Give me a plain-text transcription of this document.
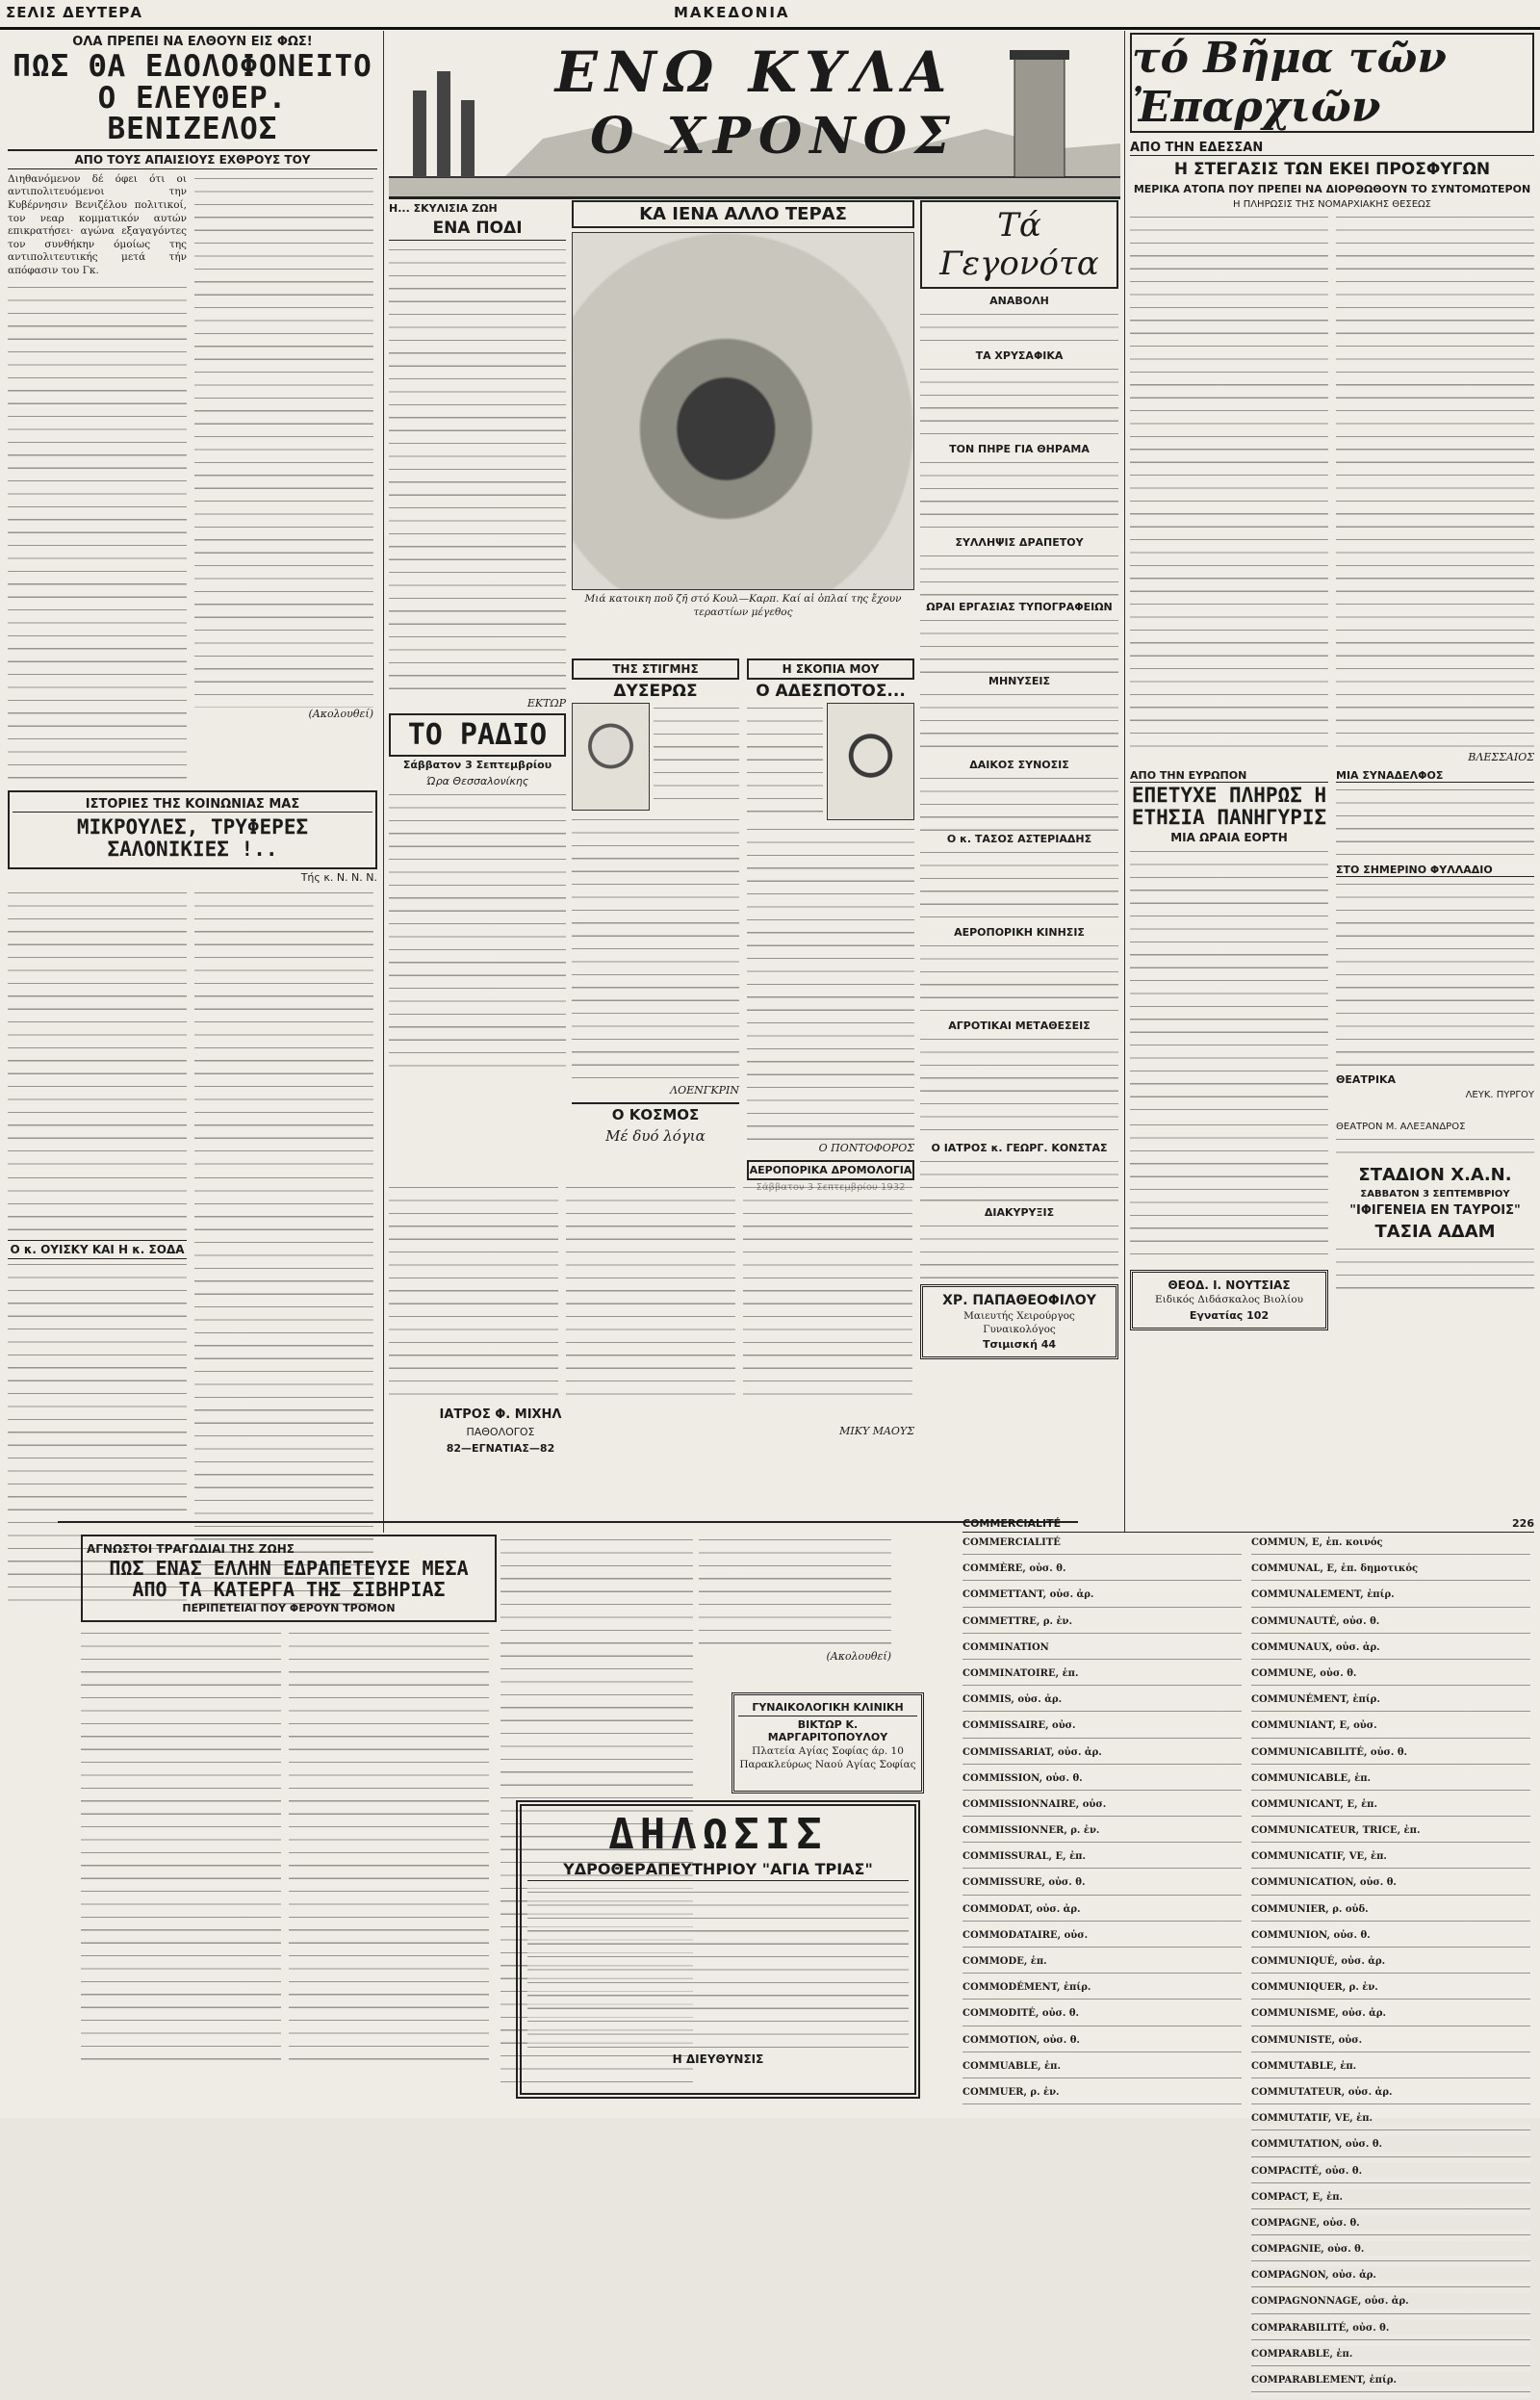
ΣΕΛΙΣ ΔΕΥΤΕΡΑ	ΜΑΚΕΔΟΝΙΑ
ΟΛΑ ΠΡΕΠΕΙ ΝΑ ΕΛΘΟΥΝ ΕΙΣ ΦΩΣ!
ΠΩΣ ΘΑ ΕΔΟΛΟΦΟΝΕΙΤΟ
Ο ΕΛΕΥΘΕΡ. ΒΕΝΙΖΕΛΟΣ
ΑΠΟ ΤΟΥΣ ΑΠΑΙΣΙΟΥΣ ΕΧΘΡΟΥΣ ΤΟΥ
Διηθανόμενον δέ όφει ότι οι αντιπολιτευόμενοι την Κυβέρνησιν Βενιζέλου πολιτικοί, τον νεαρ κομματικόν αυτών επικρατήσει· αγώνα εξαγαγόντες τον συνθήκην όμοίως της αντιπολιτευτικής μετά τήν απόφασιν του Γκ.
(Ακολουθεί)
ΙΣΤΟΡΙΕΣ ΤΗΣ ΚΟΙΝΩΝΙΑΣ ΜΑΣ
ΜΙΚΡΟΥΛΕΣ, ΤΡΥΦΕΡΕΣ ΣΑΛΟΝΙΚΙΕΣ !..
Τής κ. Ν. Ν. Ν.
Ο κ. ΟΥΙΣΚΥ ΚΑΙ Η κ. ΣΟΔΑ
ΕΝΩ ΚΥΛΑ
Ο ΧΡΟΝΟΣ
Η... ΣΚΥΛΙΣΙΑ ΖΩΗ
ΕΝΑ ΠΟΔΙ
ΕΚΤΩΡ
ΤΟ ΡΑΔΙΟ
Σάββατον 3 Σεπτεμβρίου
Ώρα Θεσσαλονίκης
ΚΑ ΙΕΝΑ ΑΛΛΟ ΤΕΡΑΣ
Μιά κατοικη ποῦ ζῆ στό Κουλ—Καρπ. Καί αἱ ὁπλαί της ἔχουν τεραστίων μέγεθος
ΤΗΣ ΣΤΙΓΜΗΣ
ΔΥΣΕΡΩΣ
ΛΟΕΝΓΚΡΙΝ
Ο ΚΟΣΜΟΣ
Μέ δυό λόγια
Η ΣΚΟΠΙΑ ΜΟΥ
Ο ΑΔΕΣΠΟΤΟΣ...
Ο ΠΟΝΤΟΦΟΡΟΣ
ΑΕΡΟΠΟΡΙΚΑ ΔΡΟΜΟΛΟΓΙΑ
ΙΑΤΡΟΣ Φ. ΜΙΧΗΛ
ΠΑΘΟΛΟΓΟΣ
82—ΕΓΝΑΤΙΑΣ—82
ΜΙΚΥ ΜΑΟΥΣ
Τά Γεγονότα
ΑΝΑΒΟΛΗ
ΤΑ ΧΡΥΣΑΦΙΚΑ
ΤΟΝ ΠΗΡΕ ΓΙΑ ΘΗΡΑΜΑ
ΣΥΛΛΗΨΙΣ ΔΡΑΠΕΤΟΥ
ΩΡΑΙ ΕΡΓΑΣΙΑΣ ΤΥΠΟΓΡΑΦΕΙΩΝ
ΜΗΝΥΣΕΙΣ
ΔΑΙΚΟΣ ΣΥΝΟΣΙΣ
Ο κ. ΤΑΣΟΣ ΑΣΤΕΡΙΑΔΗΣ
ΑΕΡΟΠΟΡΙΚΗ ΚΙΝΗΣΙΣ
ΑΓΡΟΤΙΚΑΙ ΜΕΤΑΘΕΣΕΙΣ
Ο ΙΑΤΡΟΣ κ. ΓΕΩΡΓ. ΚΟΝΣΤΑΣ
ΔΙΑΚΥΡΥΞΙΣ
ΧΡ. ΠΑΠΑΘΕΟΦΙΛΟΥ
Μαιευτής Χειρούργος Γυναικολόγος
Τσιμισκή 44
τό Βῆμα τῶν Ἐπαρχιῶν
ΑΠΟ ΤΗΝ ΕΔΕΣΣΑΝ
Η ΣΤΕΓΑΣΙΣ ΤΩΝ ΕΚΕΙ ΠΡΟΣΦΥΓΩΝ
ΜΕΡΙΚΑ ΑΤΟΠΑ ΠΟΥ ΠΡΕΠΕΙ ΝΑ ΔΙΟΡΘΩΘΟΥΝ ΤΟ ΣΥΝΤΟΜΩΤΕΡΟΝ
Η ΠΛΗΡΩΣΙΣ ΤΗΣ ΝΟΜΑΡΧΙΑΚΗΣ ΘΕΣΕΩΣ
ΒΛΕΣΣΑΙΟΣ
ΑΠΟ ΤΗΝ ΕΥΡΩΠΟΝ
ΕΠΕΤΥΧΕ ΠΛΗΡΩΣ Η ΕΤΗΣΙΑ ΠΑΝΗΓΥΡΙΣ
ΜΙΑ ΩΡΑΙΑ ΕΟΡΤΗ
ΜΙΑ ΣΥΝΑΔΕΛΦΟΣ
ΣΤΟ ΣΗΜΕΡΙΝΟ ΦΥΛΛΑΔΙΟ
ΘΕΑΤΡΙΚΑ
ΛΕΥΚ. ΠΥΡΓΟΥ
ΘΕΟΔ. Ι. ΝΟΥΤΣΙΑΣ
Ειδικός Διδάσκαλος Βιολίου
Εγνατίας 102
ΘΕΑΤΡΟΝ Μ. ΑΛΕΞΑΝΔΡΟΣ
ΣΤΑΔΙΟΝ Χ.Α.Ν.
ΣΑΒΒΑΤΟΝ 3 ΣΕΠΤΕΜΒΡΙΟΥ
"ΙΦΙΓΕΝΕΙΑ ΕΝ ΤΑΥΡΟΙΣ"
ΤΑΣΙΑ ΑΔΑΜ
ΑΓΝΩΣΤΟΙ ΤΡΑΓΩΔΙΑΙ ΤΗΣ ΖΩΗΣ
ΠΩΣ ΕΝΑΣ ΕΛΛΗΝ ΕΔΡΑΠΕΤΕΥΣΕ ΜΕΣΑ
ΑΠΟ ΤΑ ΚΑΤΕΡΓΑ ΤΗΣ ΣΙΒΗΡΙΑΣ
ΠΕΡΙΠΕΤΕΙΑΙ ΠΟΥ ΦΕΡΟΥΝ ΤΡΟΜΟΝ
(Ακολουθεί)
ΓΥΝΑΙΚΟΛΟΓΙΚΗ ΚΛΙΝΙΚΗ
ΒΙΚΤΩΡ Κ. ΜΑΡΓΑΡΙΤΟΠΟΥΛΟΥ
Πλατεία Αγίας Σοφίας άρ. 10
Παρακλεύρως Ναού Αγίας Σοφίας
ΔΗΛΩΣΙΣ
ΥΔΡΟΘΕΡΑΠΕΥΤΗΡΙΟΥ "ΑΓΙΑ ΤΡΙΑΣ"
Η ΔΙΕΥΘΥΝΣΙΣ
COMMERCIALITÉ	226
COMMERCIALITÉ
COMMÈRE, οὐσ. θ.
COMMETTANT, οὐσ. ἀρ.
COMMETTRE, ρ. ἐν.
COMMINATION
COMMINATOIRE, ἐπ.
COMMIS, οὐσ. ἀρ.
COMMISSAIRE, οὐσ.
COMMISSARIAT, οὐσ. ἀρ.
COMMISSION, οὐσ. θ.
COMMISSIONNAIRE, οὐσ.
COMMISSIONNER, ρ. ἐν.
COMMISSURAL, E, ἐπ.
COMMISSURE, οὐσ. θ.
COMMODAT, οὐσ. ἀρ.
COMMODATAIRE, οὐσ.
COMMODE, ἐπ.
COMMODÉMENT, ἐπίρ.
COMMODITÉ, οὐσ. θ.
COMMOTION, οὐσ. θ.
COMMUABLE, ἐπ.
COMMUER, ρ. ἐν.
COMMUN, E, ἐπ. κοινός
COMMUNAL, E, ἐπ. δημοτικός
COMMUNALEMENT, ἐπίρ.
COMMUNAUTÉ, οὐσ. θ.
COMMUNAUX, οὐσ. ἀρ.
COMMUNE, οὐσ. θ.
COMMUNÉMENT, ἐπίρ.
COMMUNIANT, E, οὐσ.
COMMUNICABILITÉ, οὐσ. θ.
COMMUNICABLE, ἐπ.
COMMUNICANT, E, ἐπ.
COMMUNICATEUR, TRICE, ἐπ.
COMMUNICATIF, VE, ἐπ.
COMMUNICATION, οὐσ. θ.
COMMUNIER, ρ. οὐδ.
COMMUNION, οὐσ. θ.
COMMUNIQUÉ, οὐσ. ἀρ.
COMMUNIQUER, ρ. ἐν.
COMMUNISME, οὐσ. ἀρ.
COMMUNISTE, οὐσ.
COMMUTABLE, ἐπ.
COMMUTATEUR, οὐσ. ἀρ.
COMMUTATIF, VE, ἐπ.
COMMUTATION, οὐσ. θ.
COMPACITÉ, οὐσ. θ.
COMPACT, E, ἐπ.
COMPAGNE, οὐσ. θ.
COMPAGNIE, οὐσ. θ.
COMPAGNON, οὐσ. ἀρ.
COMPAGNONNAGE, οὐσ. ἀρ.
COMPARABILITÉ, οὐσ. θ.
COMPARABLE, ἐπ.
COMPARABLEMENT, ἐπίρ.
